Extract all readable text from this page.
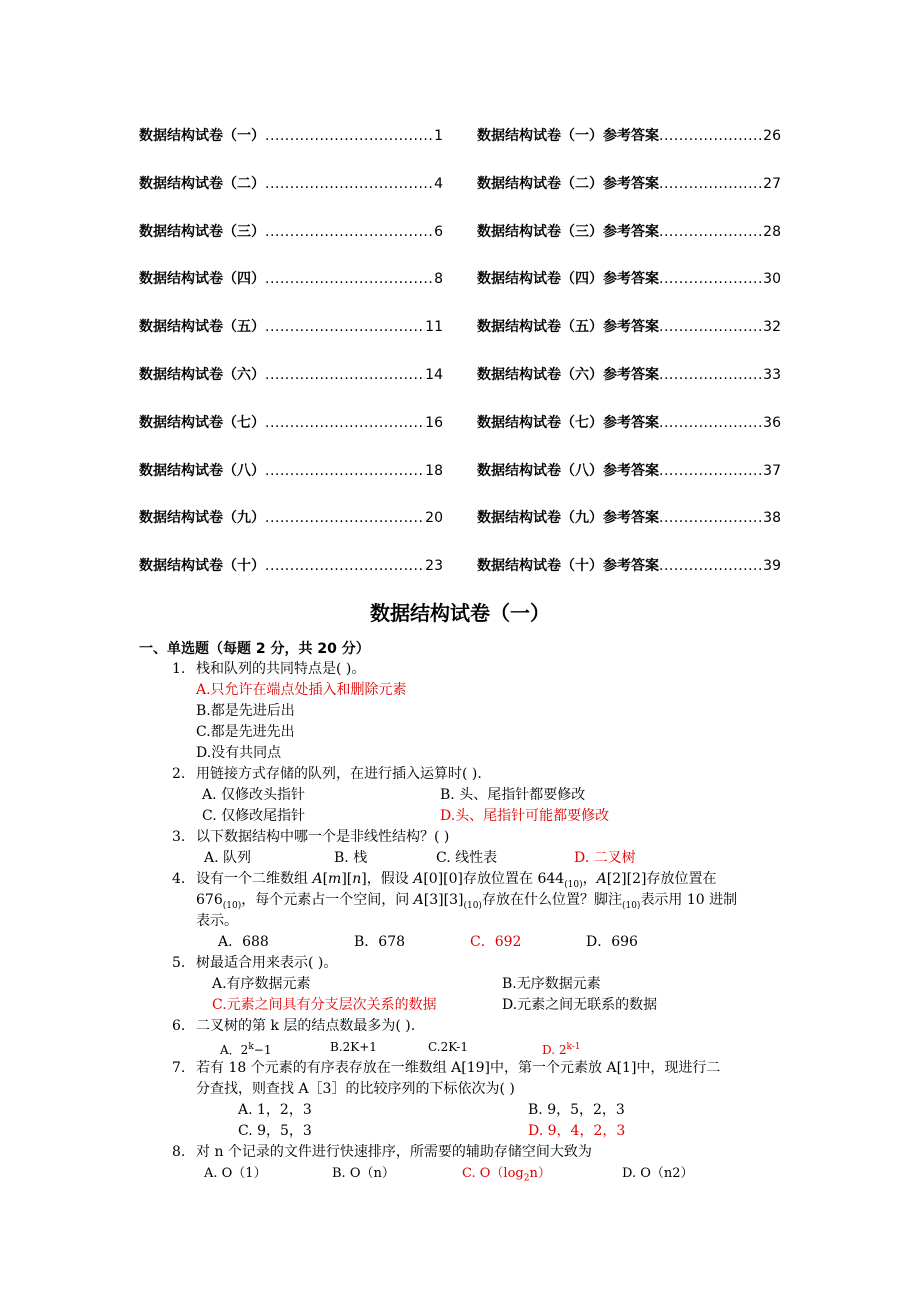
数据结构试卷（一） .....	1 数据结构试卷（一）参考答案 .....	26
数据结构试卷（二） .....	4 数据结构试卷（二）参考答案 .....	27
数据结构试卷（三） .....	6 数据结构试卷（三）参考答案 .....	28
数据结构试卷（四） .....	8 数据结构试卷（四）参考答案 .....	30
数据结构试卷（五） .....	11 数据结构试卷（五）参考答案 .....	32
数据结构试卷（六） .....	14 数据结构试卷（六）参考答案 .....	33
数据结构试卷（七） .....	16 数据结构试卷（七）参考答案 .....	36
数据结构试卷（八） .....	18 数据结构试卷（八）参考答案 .....	37
数据结构试卷（九） .....	20 数据结构试卷（九）参考答案 .....	38
数据结构试卷（十） .....	23 数据结构试卷（十）参考答案 .....	39
数据结构试卷（一）
一、单选题（每题 2 分，共 20 分）
1. 栈和队列的共同特点是( )。
A.只允许在端点处插入和删除元素
B.都是先进后出
C.都是先进先出
D.没有共同点
2. 用链接方式存储的队列，在进行插入运算时( ).
A. 仅修改头指针	B. 头、尾指针都要修改
C. 仅修改尾指针	D.头、尾指针可能都要修改
3. 以下数据结构中哪一个是非线性结构？( )
A. 队列	B. 栈	C. 线性表	D. 二叉树
4. 设有一个二维数组 A[m][n]，假设 A[0][0]存放位置在 $644_{(10)}$，A[2][2]存放位置在
$676_{(10)}$，每个元素占一个空间，问 $A[3][3]_{(10)}$存放在什么位置？脚注$_{(10)}$表示用 10 进制
表示。
A．688	B．678	C．692	D．696
5. 树最适合用来表示( )。
A.有序数据元素	B.无序数据元素
C.元素之间具有分支层次关系的数据	D.元素之间无联系的数据
6. 二叉树的第 k 层的结点数最多为( ).
A．$2^k-1$	B.2K+1	C.2K-1	D. 2$^{k-1}$
7. 若有 18 个元素的有序表存放在一维数组 A[19]中，第一个元素放 A[1]中，现进行二
分查找，则查找 A［3］的比较序列的下标依次为( )
A. 1，2，3	B. 9，5，2，3
C. 9，5，3	D. 9，4，2，3
8. 对 n 个记录的文件进行快速排序，所需要的辅助存储空间大致为
A. O（1）	B. O（n）	C. $O(\log_2n)$	D. O（n2）
